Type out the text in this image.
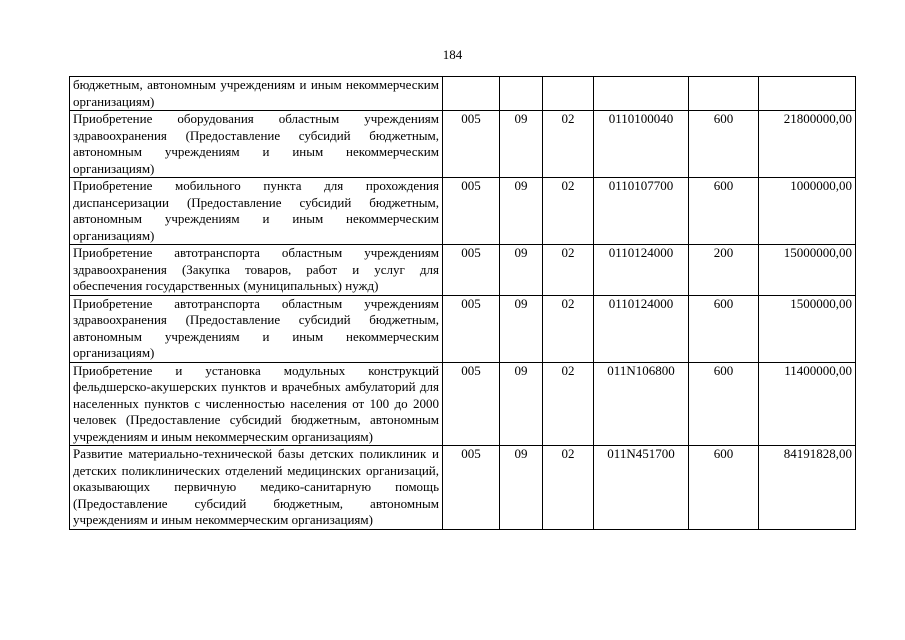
184
бюджетным, автономным учреждениям и иным некоммерческим организациям)						
Приобретение оборудования областным учреждениям здравоохранения (Предоставление субсидий бюджетным, автономным учреждениям и иным некоммерческим организациям)	005	09	02	0110100040	600	21800000,00
Приобретение мобильного пункта для прохождения диспансеризации (Предоставление субсидий бюджетным, автономным учреждениям и иным некоммерческим организациям)	005	09	02	0110107700	600	1000000,00
Приобретение автотранспорта областным учреждениям здравоохранения (Закупка товаров, работ и услуг для обеспечения государственных (муниципальных) нужд)	005	09	02	0110124000	200	15000000,00
Приобретение автотранспорта областным учреждениям здравоохранения (Предоставление субсидий бюджетным, автономным учреждениям и иным некоммерческим организациям)	005	09	02	0110124000	600	1500000,00
Приобретение и установка модульных конструкций фельдшерско-акушерских пунктов и врачебных амбулаторий для населенных пунктов с численностью населения от 100 до 2000 человек (Предоставление субсидий бюджетным, автономным учреждениям и иным некоммерческим организациям)	005	09	02	011N106800	600	11400000,00
Развитие материально-технической базы детских поликлиник и детских поликлинических отделений медицинских организаций, оказывающих первичную медико-санитарную помощь (Предоставление субсидий бюджетным, автономным учреждениям и иным некоммерческим организациям)	005	09	02	011N451700	600	84191828,00
